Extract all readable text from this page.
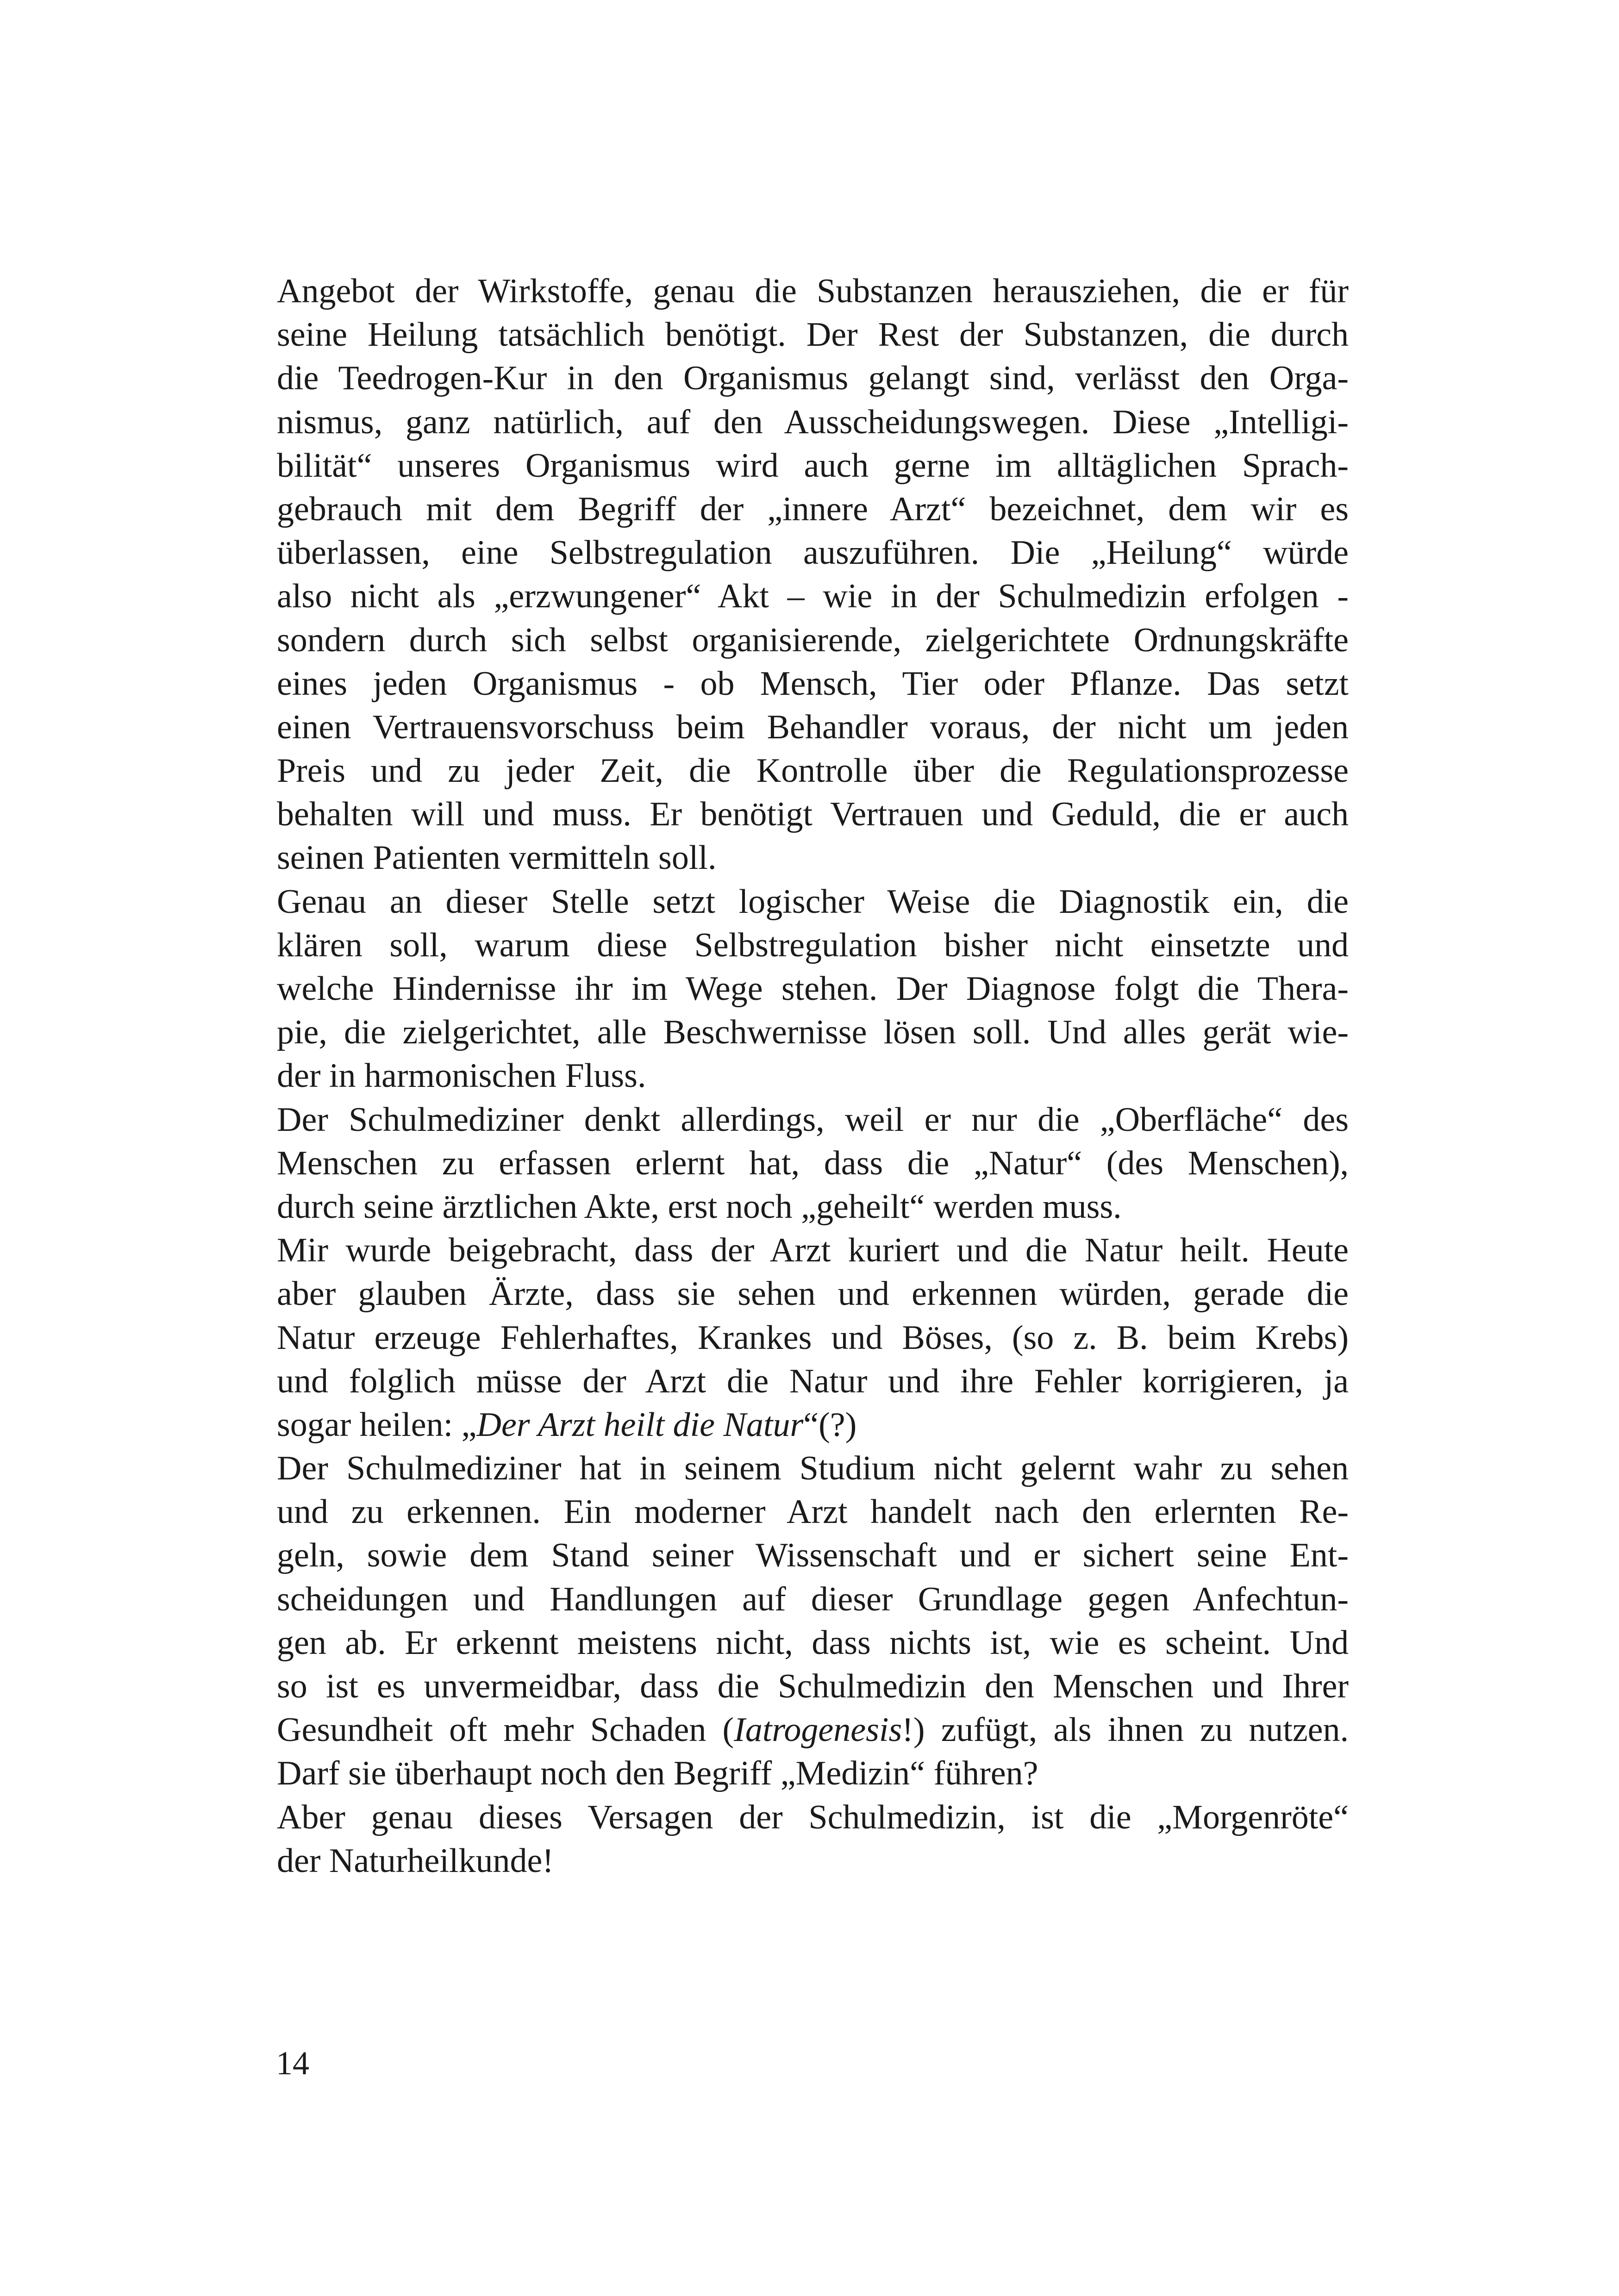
Angebot der Wirkstoffe, genau die Substanzen herausziehen, die er für
seine Heilung tatsächlich benötigt. Der Rest der Substanzen, die durch
die Teedrogen-Kur in den Organismus gelangt sind, verlässt den Orga-
nismus, ganz natürlich, auf den Ausscheidungswegen. Diese „Intelligi-
bilität“ unseres Organismus wird auch gerne im alltäglichen Sprach-
gebrauch mit dem Begriff der „innere Arzt“ bezeichnet, dem wir es
überlassen, eine Selbstregulation auszuführen. Die „Heilung“ würde
also nicht als „erzwungener“ Akt – wie in der Schulmedizin erfolgen -
sondern durch sich selbst organisierende, zielgerichtete Ordnungskräfte
eines jeden Organismus - ob Mensch, Tier oder Pflanze. Das setzt
einen Vertrauensvorschuss beim Behandler voraus, der nicht um jeden
Preis und zu jeder Zeit, die Kontrolle über die Regulationsprozesse
behalten will und muss. Er benötigt Vertrauen und Geduld, die er auch
seinen Patienten vermitteln soll.
Genau an dieser Stelle setzt logischer Weise die Diagnostik ein, die
klären soll, warum diese Selbstregulation bisher nicht einsetzte und
welche Hindernisse ihr im Wege stehen. Der Diagnose folgt die Thera-
pie, die zielgerichtet, alle Beschwernisse lösen soll. Und alles gerät wie-
der in harmonischen Fluss.
Der Schulmediziner denkt allerdings, weil er nur die „Oberfläche“ des
Menschen zu erfassen erlernt hat, dass die „Natur“ (des Menschen),
durch seine ärztlichen Akte, erst noch „geheilt“ werden muss.
Mir wurde beigebracht, dass der Arzt kuriert und die Natur heilt. Heute
aber glauben Ärzte, dass sie sehen und erkennen würden, gerade die
Natur erzeuge Fehlerhaftes, Krankes und Böses, (so z. B. beim Krebs)
und folglich müsse der Arzt die Natur und ihre Fehler korrigieren, ja
sogar heilen: „Der Arzt heilt die Natur“(?)
Der Schulmediziner hat in seinem Studium nicht gelernt wahr zu sehen
und zu erkennen. Ein moderner Arzt handelt nach den erlernten Re-
geln, sowie dem Stand seiner Wissenschaft und er sichert seine Ent-
scheidungen und Handlungen auf dieser Grundlage gegen Anfechtun-
gen ab. Er erkennt meistens nicht, dass nichts ist, wie es scheint. Und
so ist es unvermeidbar, dass die Schulmedizin den Menschen und Ihrer
Gesundheit oft mehr Schaden (Iatrogenesis!) zufügt, als ihnen zu nutzen.
Darf sie überhaupt noch den Begriff „Medizin“ führen?
Aber genau dieses Versagen der Schulmedizin, ist die „Morgenröte“
der Naturheilkunde!
14
